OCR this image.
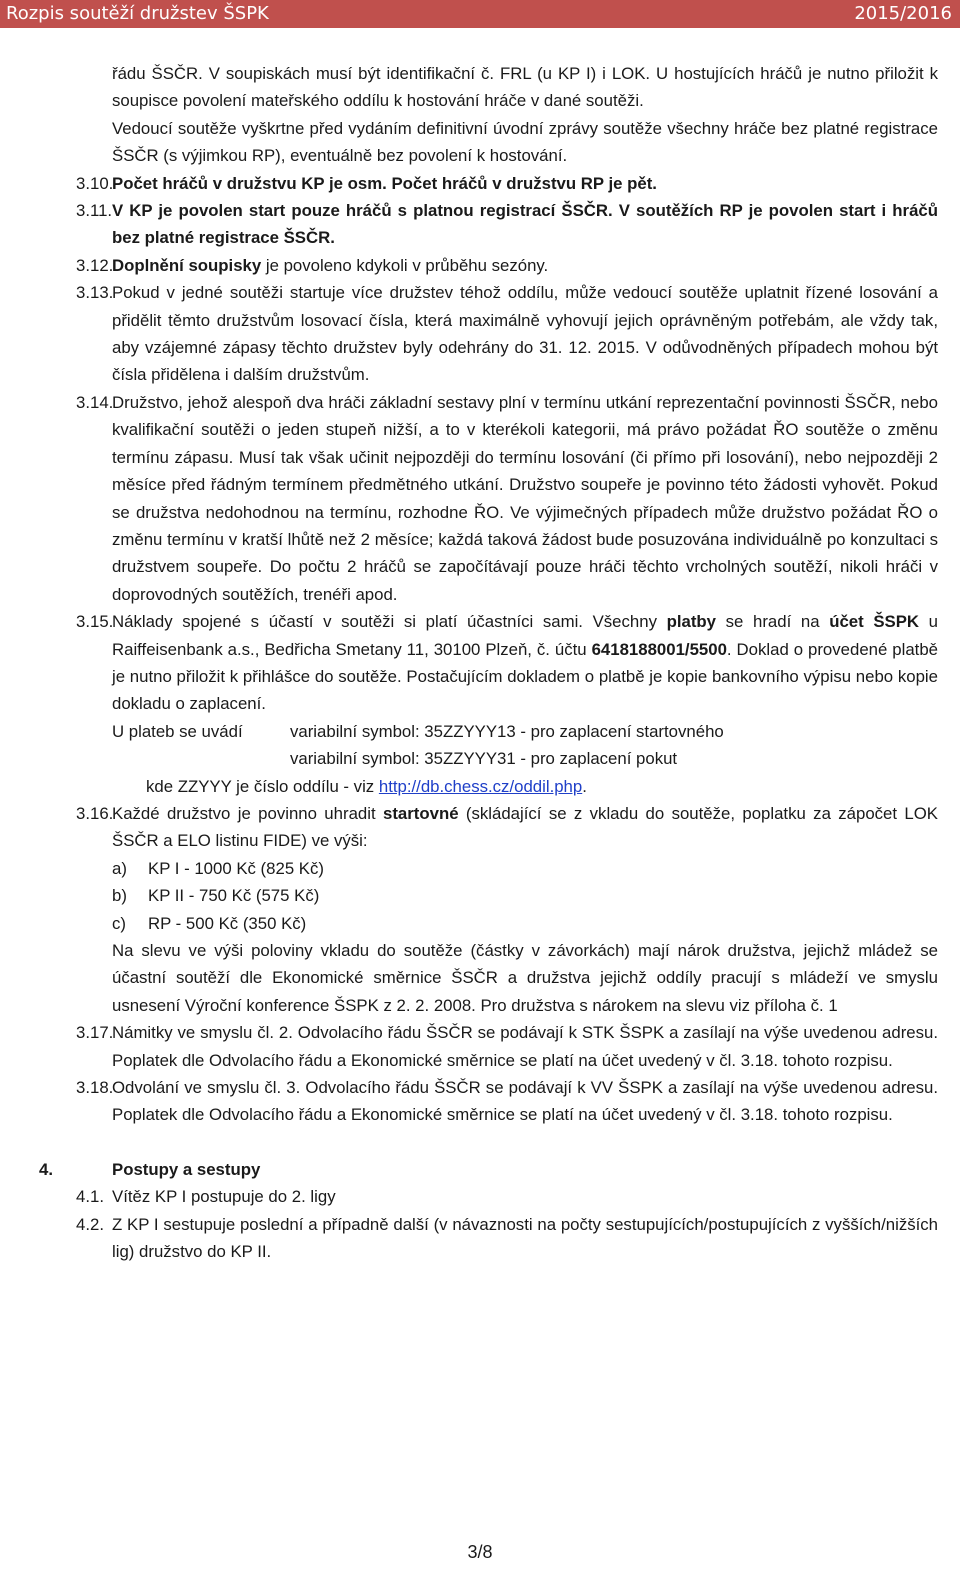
Rozpis soutěží družstev ŠSPK	2015/2016

řádu ŠSČR. V soupiskách musí být identifikační č. FRL (u KP I) i LOK. U hostujících hráčů je nutno přiložit k soupisce povolení mateřského oddílu k hostování hráče v dané soutěži.

Vedoucí soutěže vyškrtne před vydáním definitivní úvodní zprávy soutěže všechny hráče bez platné registrace ŠSČR (s výjimkou RP), eventuálně bez povolení k hostování.

3.10.
Počet hráčů v družstvu KP je osm. Počet hráčů v družstvu RP je pět.

3.11. V KP je povolen start pouze hráčů s platnou registrací ŠSČR. V soutěžích RP je povolen start i hráčů bez platné registrace ŠSČR.

3.12.
Doplnění soupisky je povoleno kdykoli v průběhu sezóny.

3.13.
Pokud v jedné soutěži startuje více družstev téhož oddílu, může vedoucí soutěže uplatnit řízené losování a přidělit těmto družstvům losovací čísla, která maximálně vyhovují jejich oprávněným potřebám, ale vždy tak, aby vzájemné zápasy těchto družstev byly odehrány do 31. 12. 2015. V odůvodněných případech mohou být čísla přidělena i dalším družstvům.

3.14.
Družstvo, jehož alespoň dva hráči základní sestavy plní v termínu utkání reprezentační povinnosti ŠSČR, nebo kvalifikační soutěži o jeden stupeň nižší, a to v kterékoli kategorii, má právo požádat ŘO soutěže o změnu termínu zápasu. Musí tak však učinit nejpozději do termínu losování (či přímo při losování), nebo nejpozději 2 měsíce před řádným termínem předmětného utkání. Družstvo soupeře je povinno této žádosti vyhovět. Pokud se družstva nedohodnou na termínu, rozhodne ŘO. Ve výjimečných případech může družstvo požádat ŘO o změnu termínu v kratší lhůtě než 2 měsíce; každá taková žádost bude posuzována individuálně po konzultaci s družstvem soupeře. Do počtu 2 hráčů se započítávají pouze hráči těchto vrcholných soutěží, nikoli hráči v doprovodných soutěžích, trenéři apod.

3.15.
Náklady spojené s účastí v soutěži si platí účastníci sami. Všechny platby se hradí na účet ŠSPK u Raiffeisenbank a.s., Bedřicha Smetany 11, 30100 Plzeň, č. účtu 6418188001/5500. Doklad o provedené platbě je nutno přiložit k přihlášce do soutěže. Postačujícím dokladem o platbě je kopie bankovního výpisu nebo kopie dokladu o zaplacení.

U plateb se uvádí	variabilní symbol: 35ZZYYY13 - pro zaplacení startovného
variabilní symbol: 35ZZYYY31 - pro zaplacení pokut

kde ZZYYY je číslo oddílu - viz http://db.chess.cz/oddil.php.

3.16.
Každé družstvo je povinno uhradit startovné (skládající se z vkladu do soutěže, poplatku za zápočet LOK ŠSČR a ELO listinu FIDE) ve výši:

a)	KP I - 1000 Kč (825 Kč)

b)	KP II - 750 Kč (575 Kč)

c)	RP - 500 Kč (350 Kč)

Na slevu ve výši poloviny vkladu do soutěže (částky v závorkách) mají nárok družstva, jejichž mládež se účastní soutěží dle Ekonomické směrnice ŠSČR a družstva jejichž oddíly pracují s mládeží ve smyslu usnesení Výroční konference ŠSPK z 2. 2. 2008. Pro družstva s nárokem na slevu viz příloha č. 1

3.17.
Námitky ve smyslu čl. 2. Odvolacího řádu ŠSČR se podávají k STK ŠSPK a zasílají na výše uvedenou adresu. Poplatek dle Odvolacího řádu a Ekonomické směrnice se platí na účet uvedený v čl. 3.18. tohoto rozpisu.

3.18.
Odvolání ve smyslu čl. 3. Odvolacího řádu ŠSČR se podávají k VV ŠSPK a zasílají na výše uvedenou adresu. Poplatek dle Odvolacího řádu a Ekonomické směrnice se platí na účet uvedený v čl. 3.18. tohoto rozpisu.

4.	Postupy a sestupy

4.1. Vítěz KP I postupuje do 2. ligy

4.2. Z KP I sestupuje poslední a případně další (v návaznosti na počty sestupujících/postupujících z vyšších/nižších lig) družstvo do KP II.

3/8
